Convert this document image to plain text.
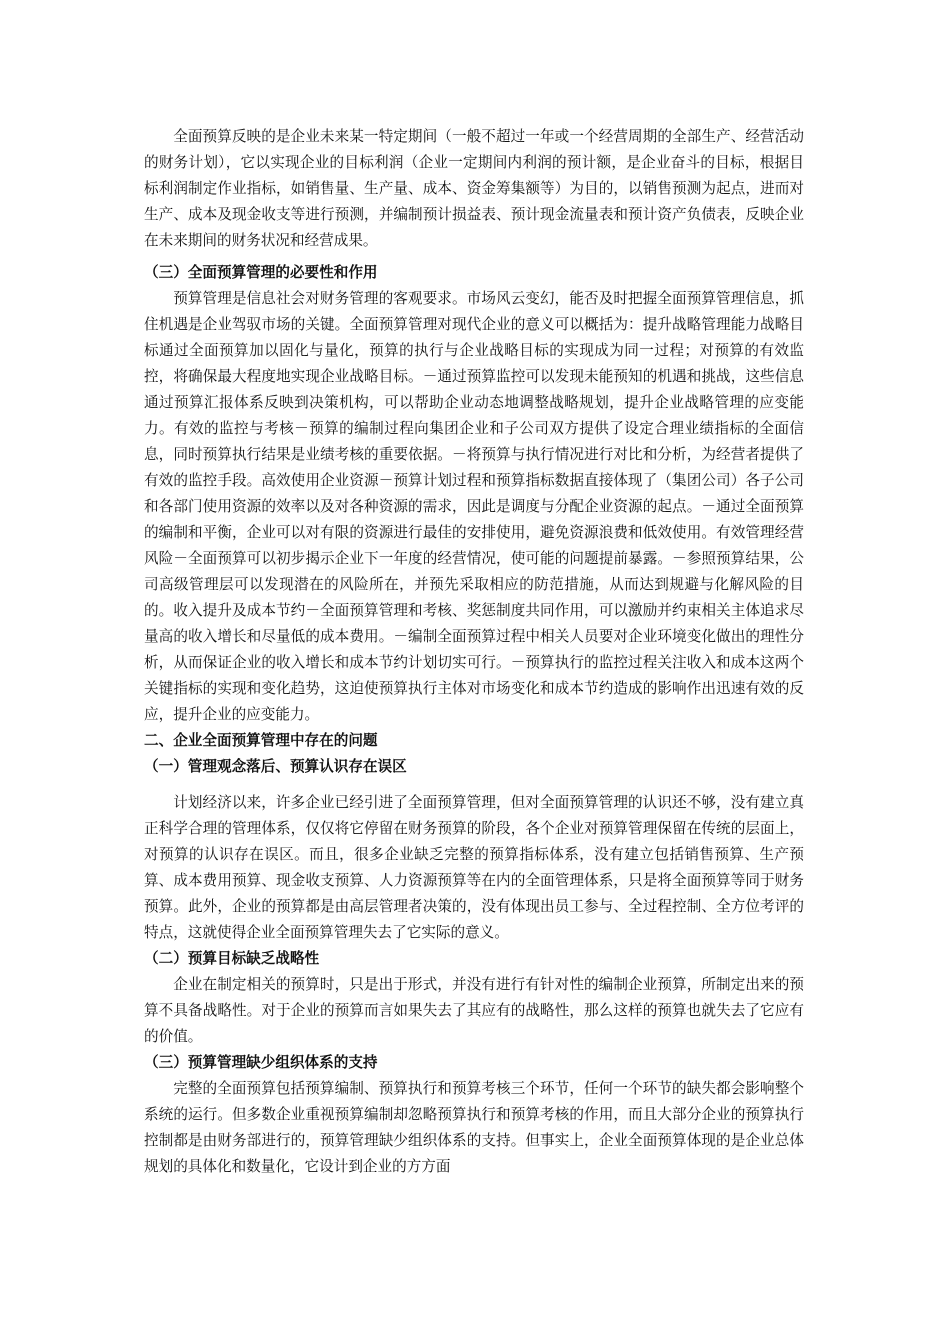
全面预算反映的是企业未来某一特定期间（一般不超过一年或一个经营周期的全部生产、经营活动的财务计划），它以实现企业的目标利润（企业一定期间内利润的预计额，是企业奋斗的目标，根据目标利润制定作业指标，如销售量、生产量、成本、资金筹集额等）为目的，以销售预测为起点，进而对生产、成本及现金收支等进行预测，并编制预计损益表、预计现金流量表和预计资产负债表，反映企业在未来期间的财务状况和经营成果。

（三）全面预算管理的必要性和作用

预算管理是信息社会对财务管理的客观要求。市场风云变幻，能否及时把握全面预算管理信息，抓住机遇是企业驾驭市场的关键。全面预算管理对现代企业的意义可以概括为：提升战略管理能力战略目标通过全面预算加以固化与量化，预算的执行与企业战略目标的实现成为同一过程；对预算的有效监控，将确保最大程度地实现企业战略目标。－通过预算监控可以发现未能预知的机遇和挑战，这些信息通过预算汇报体系反映到决策机构，可以帮助企业动态地调整战略规划，提升企业战略管理的应变能力。有效的监控与考核－预算的编制过程向集团企业和子公司双方提供了设定合理业绩指标的全面信息，同时预算执行结果是业绩考核的重要依据。－将预算与执行情况进行对比和分析，为经营者提供了有效的监控手段。高效使用企业资源－预算计划过程和预算指标数据直接体现了（集团公司）各子公司和各部门使用资源的效率以及对各种资源的需求，因此是调度与分配企业资源的起点。－通过全面预算的编制和平衡，企业可以对有限的资源进行最佳的安排使用，避免资源浪费和低效使用。有效管理经营风险－全面预算可以初步揭示企业下一年度的经营情况，使可能的问题提前暴露。－参照预算结果，公司高级管理层可以发现潜在的风险所在，并预先采取相应的防范措施，从而达到规避与化解风险的目的。收入提升及成本节约－全面预算管理和考核、奖惩制度共同作用，可以激励并约束相关主体追求尽量高的收入增长和尽量低的成本费用。－编制全面预算过程中相关人员要对企业环境变化做出的理性分析，从而保证企业的收入增长和成本节约计划切实可行。－预算执行的监控过程关注收入和成本这两个关键指标的实现和变化趋势，这迫使预算执行主体对市场变化和成本节约造成的影响作出迅速有效的反应，提升企业的应变能力。

二、企业全面预算管理中存在的问题

（一）管理观念落后、预算认识存在误区

计划经济以来，许多企业已经引进了全面预算管理，但对全面预算管理的认识还不够，没有建立真正科学合理的管理体系，仅仅将它停留在财务预算的阶段，各个企业对预算管理保留在传统的层面上，对预算的认识存在误区。而且，很多企业缺乏完整的预算指标体系，没有建立包括销售预算、生产预算、成本费用预算、现金收支预算、人力资源预算等在内的全面管理体系，只是将全面预算等同于财务预算。此外，企业的预算都是由高层管理者决策的，没有体现出员工参与、全过程控制、全方位考评的特点，这就使得企业全面预算管理失去了它实际的意义。

（二）预算目标缺乏战略性

企业在制定相关的预算时，只是出于形式，并没有进行有针对性的编制企业预算，所制定出来的预算不具备战略性。对于企业的预算而言如果失去了其应有的战略性，那么这样的预算也就失去了它应有的价值。

（三）预算管理缺少组织体系的支持

完整的全面预算包括预算编制、预算执行和预算考核三个环节，任何一个环节的缺失都会影响整个系统的运行。但多数企业重视预算编制却忽略预算执行和预算考核的作用，而且大部分企业的预算执行控制都是由财务部进行的，预算管理缺少组织体系的支持。但事实上，企业全面预算体现的是企业总体规划的具体化和数量化，它设计到企业的方方面
